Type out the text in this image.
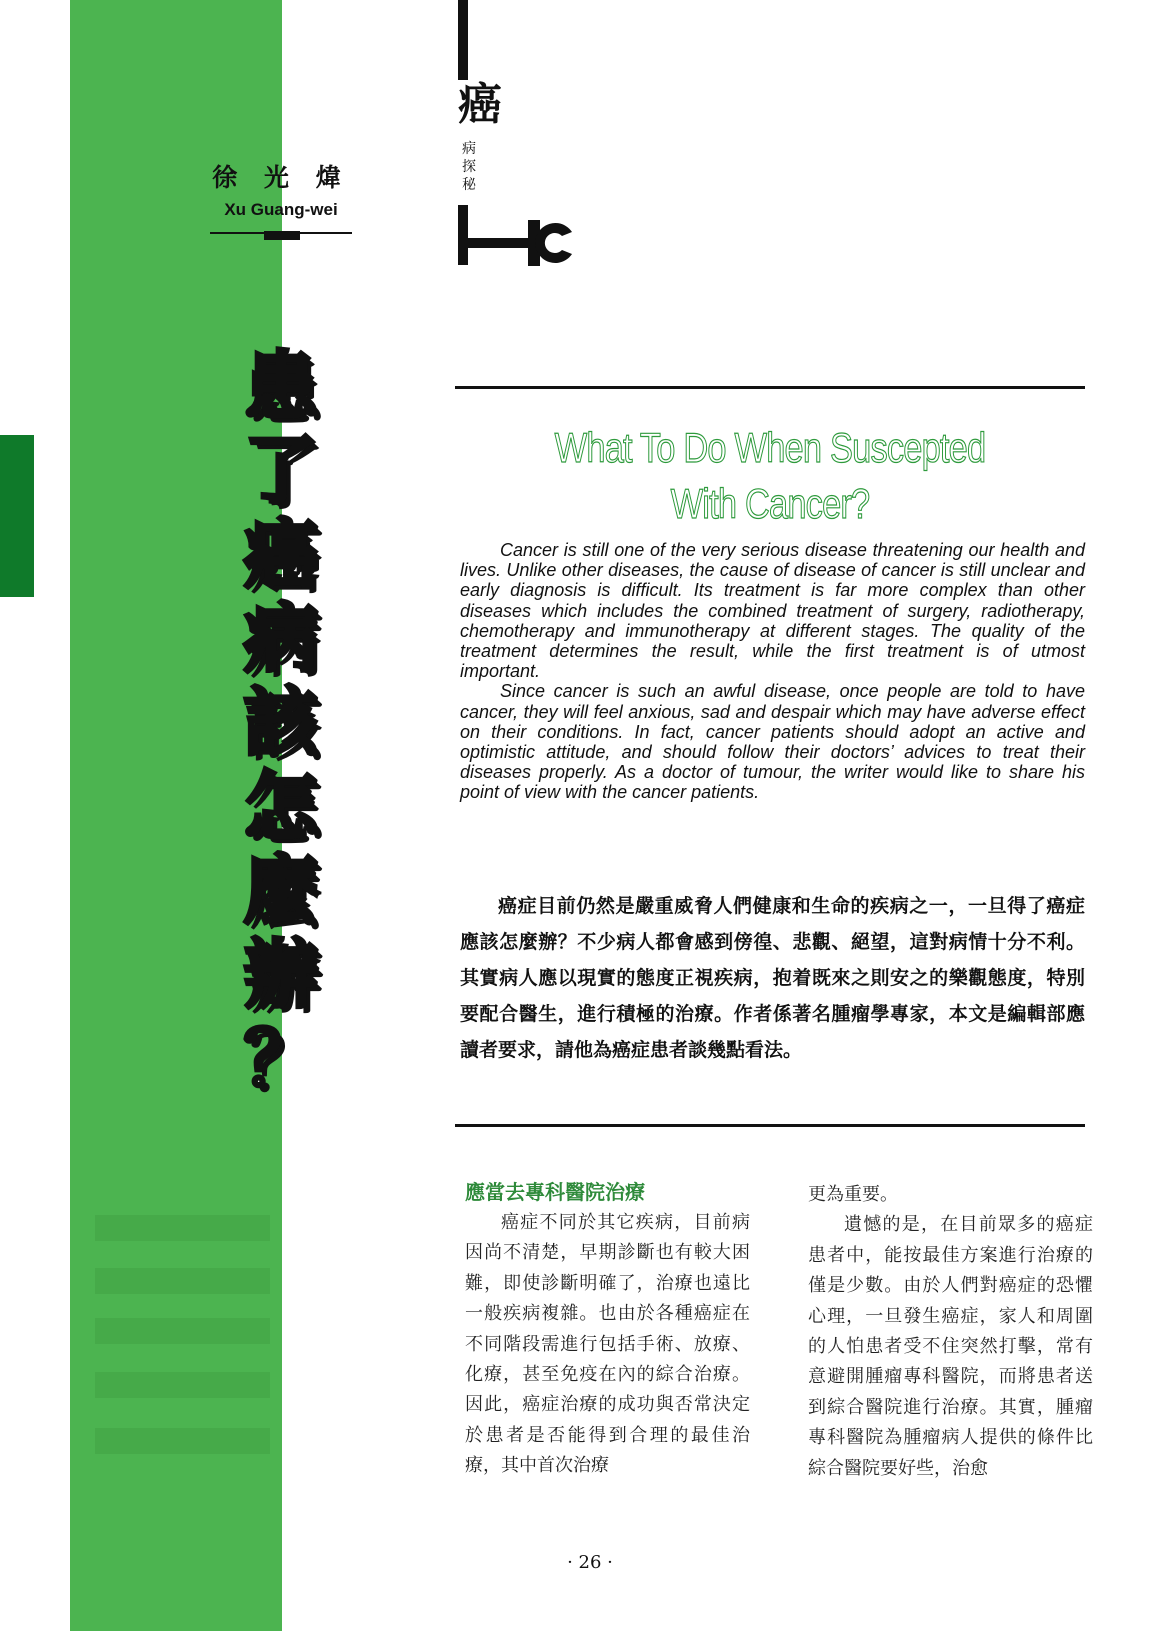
徐 光 煒
Xu Guang-wei
患
了
癌
病
該
怎
麼
辦
？
癌
病探秘
What To Do When Suscepted
With Cancer?

Cancer is still one of the very serious disease threatening our health and lives. Unlike other diseases, the cause of disease of cancer is still unclear and early diagnosis is difficult. Its treatment is far more complex than other diseases which includes the combined treatment of surgery, radiotherapy, chemotherapy and immunotherapy at different stages. The quality of the treatment determines the result, while the first treatment is of utmost important.

Since cancer is such an awful disease, once people are told to have cancer, they will feel anxious, sad and despair which may have adverse effect on their conditions. In fact, cancer patients should adopt an active and optimistic attitude, and should follow their doctors’ advices to treat their diseases properly. As a doctor of tumour, the writer would like to share his point of view with the cancer patients.

癌症目前仍然是嚴重威脅人們健康和生命的疾病之一，一旦得了癌症應該怎麼辦？不少病人都會感到傍徨、悲觀、絕望，這對病情十分不利。其實病人應以現實的態度正視疾病，抱着既來之則安之的樂觀態度，特別要配合醫生，進行積極的治療。作者係著名腫瘤學專家，本文是編輯部應讀者要求，請他為癌症患者談幾點看法。

應當去專科醫院治療

癌症不同於其它疾病，目前病因尚不清楚，早期診斷也有較大困難，即使診斷明確了，治療也遠比一般疾病複雜。也由於各種癌症在不同階段需進行包括手術、放療、化療，甚至免疫在內的綜合治療。因此，癌症治療的成功與否常決定於患者是否能得到合理的最佳治療，其中首次治療

更為重要。

遺憾的是，在目前眾多的癌症患者中，能按最佳方案進行治療的僅是少數。由於人們對癌症的恐懼心理，一旦發生癌症，家人和周圍的人怕患者受不住突然打擊，常有意避開腫瘤專科醫院，而將患者送到綜合醫院進行治療。其實，腫瘤專科醫院為腫瘤病人提供的條件比綜合醫院要好些，治愈

· 26 ·
